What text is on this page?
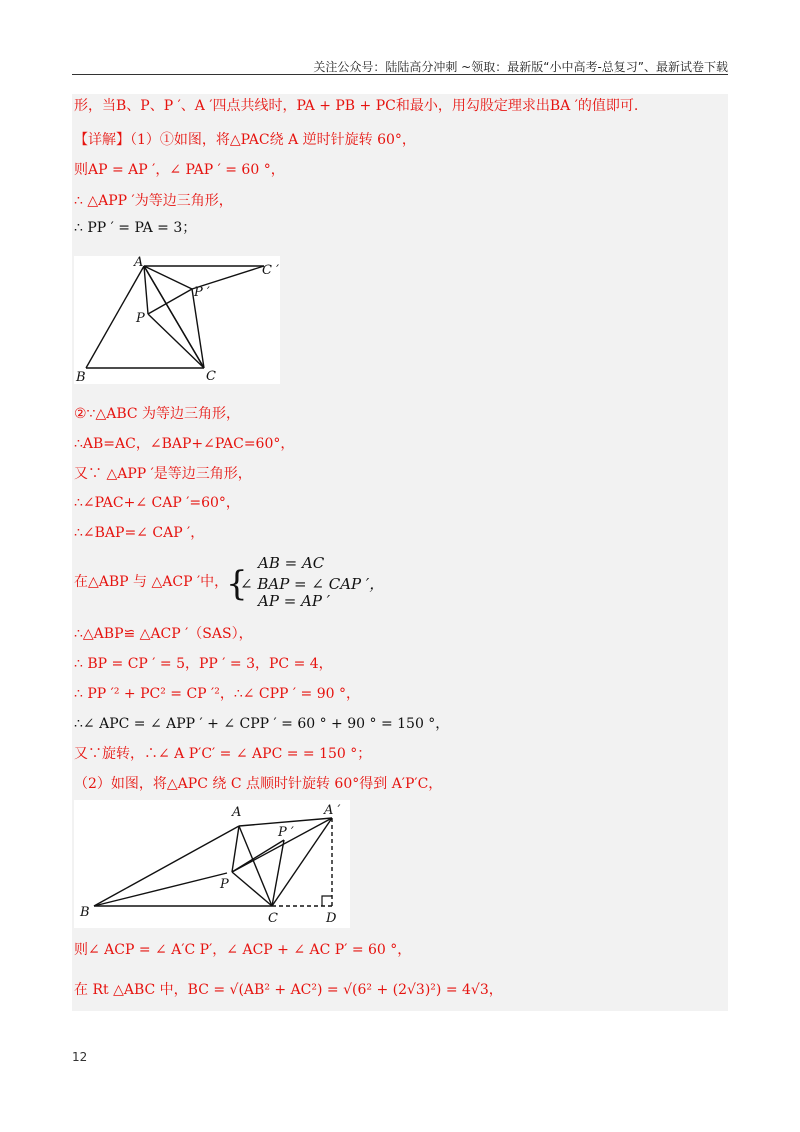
关注公众号：陆陆高分冲刺 ~领取：最新版“小中高考-总复习”、最新试卷下载
形，当B、P、P ′、A ′四点共线时，PA + PB + PC和最小，用勾股定理求出BA ′的值即可.
【详解】（1）①如图，将△PAC绕 A 逆时针旋转 60°，
则AP = AP ′，∠ PAP ′ = 60 °，
∴ △APP ′为等边三角形，
∴ PP ′ = PA = 3；
A
C ′
P ′
P
B	C
②∵△ABC 为等边三角形，
∴AB=AC，∠BAP+∠PAC=60°，
又∵ △APP ′是等边三角形，
∴∠PAC+∠ CAP ′=60°，
∴∠BAP=∠ CAP ′，
在△ABP 与 △ACP ′中，
{
AB = AC
∠ BAP = ∠ CAP ′，
AP = AP ′
∴△ABP≌ △ACP ′（SAS），
∴ BP = CP ′ = 5，PP ′ = 3，PC = 4，
∴ PP ′² + PC² = CP ′²，∴∠ CPP ′ = 90 °，
∴∠ APC = ∠ APP ′ + ∠ CPP ′ = 60 ° + 90 ° = 150 °，
又∵旋转，∴∠ A P′C′ = ∠ APC = = 150 °；
（2）如图，将△APC 绕 C 点顺时针旋转 60°得到 A′P′C，
A	A ′
P ′
P
B	C	D
则∠ ACP = ∠ A′C P′，∠ ACP + ∠ AC P′ = 60 °，
在 Rt △ABC 中，BC = √(AB² + AC²) = √(6² + (2√3)²) = 4√3，
12
